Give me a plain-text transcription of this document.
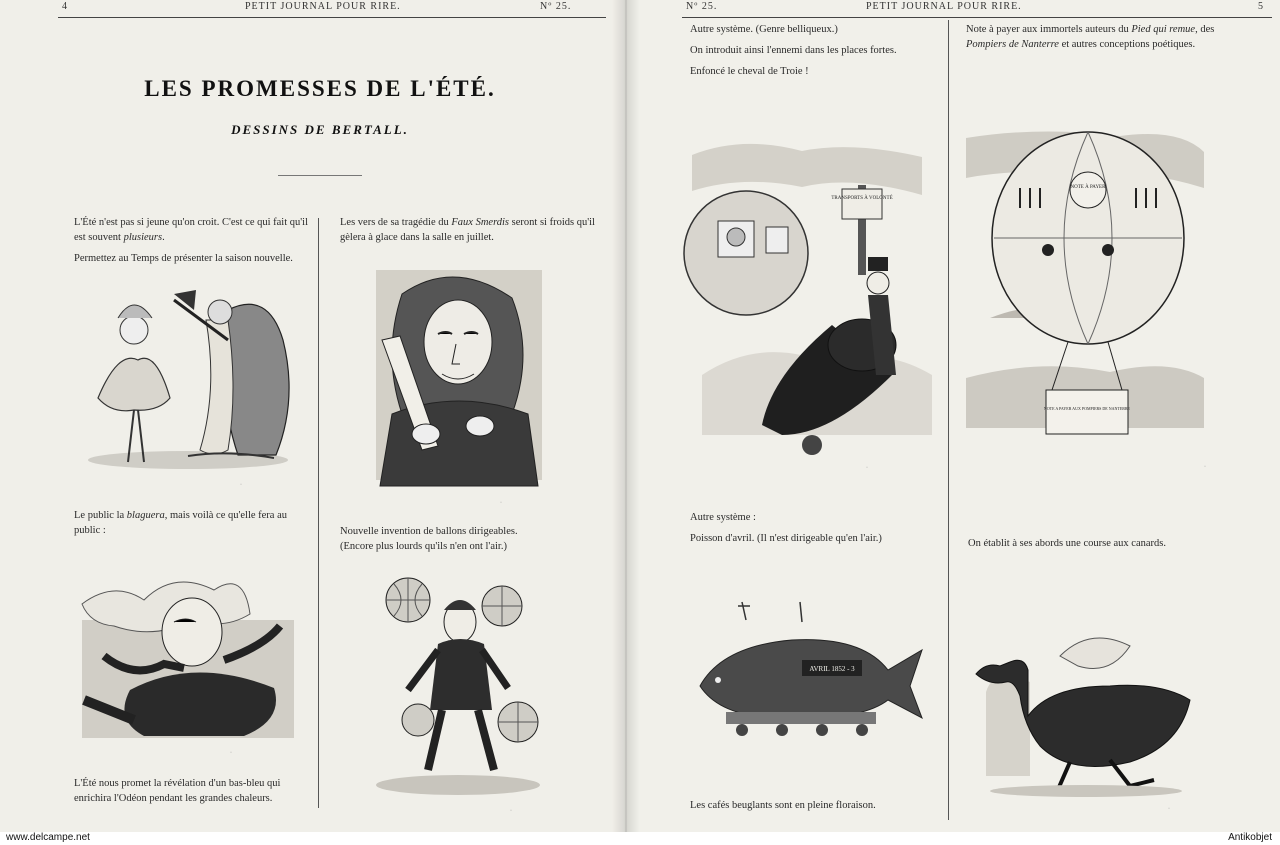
4	PETIT JOURNAL POUR RIRE.	Nº 25.
LES PROMESSES DE L'ÉTÉ.
DESSINS DE BERTALL.

L'Été n'est pas si jeune qu'on croit. C'est ce qui fait qu'il est souvent plusieurs.

Permettez au Temps de présenter la saison nouvelle.

·

Les vers de sa tragédie du Faux Smerdis seront si froids qu'il gèlera à glace dans la salle en juillet.

·

Le public la blaguera, mais voilà ce qu'elle fera au public :	Nouvelle invention de ballons dirigeables.

(Encore plus lourds qu'ils n'en ont l'air.)

·
·

L'Été nous promet la révélation d'un bas-bleu qui enrichira l'Odéon pendant les grandes chaleurs.

Nº 25.	PETIT JOURNAL POUR RIRE.	5

Autre système. (Genre belliqueux.)

On introduit ainsi l'ennemi dans les places fortes.

Enfoncé le cheval de Troie !

Note à payer aux immortels auteurs du Pied qui remue, des Pompiers de Nanterre et autres conceptions poétiques.

TRANSPORTS À VOLONTÉ
·
NOTE À PAYER
NOTE A PAYER AUX POMPIERS DE NANTERRE
·

Autre système :

Poisson d'avril. (Il n'est dirigeable qu'en l'air.)	On établit à ses abords une course aux canards.

AVRIL 1852 - 3
·

Les cafés beuglants sont en pleine floraison.

www.delcampe.net	Antikobjet
